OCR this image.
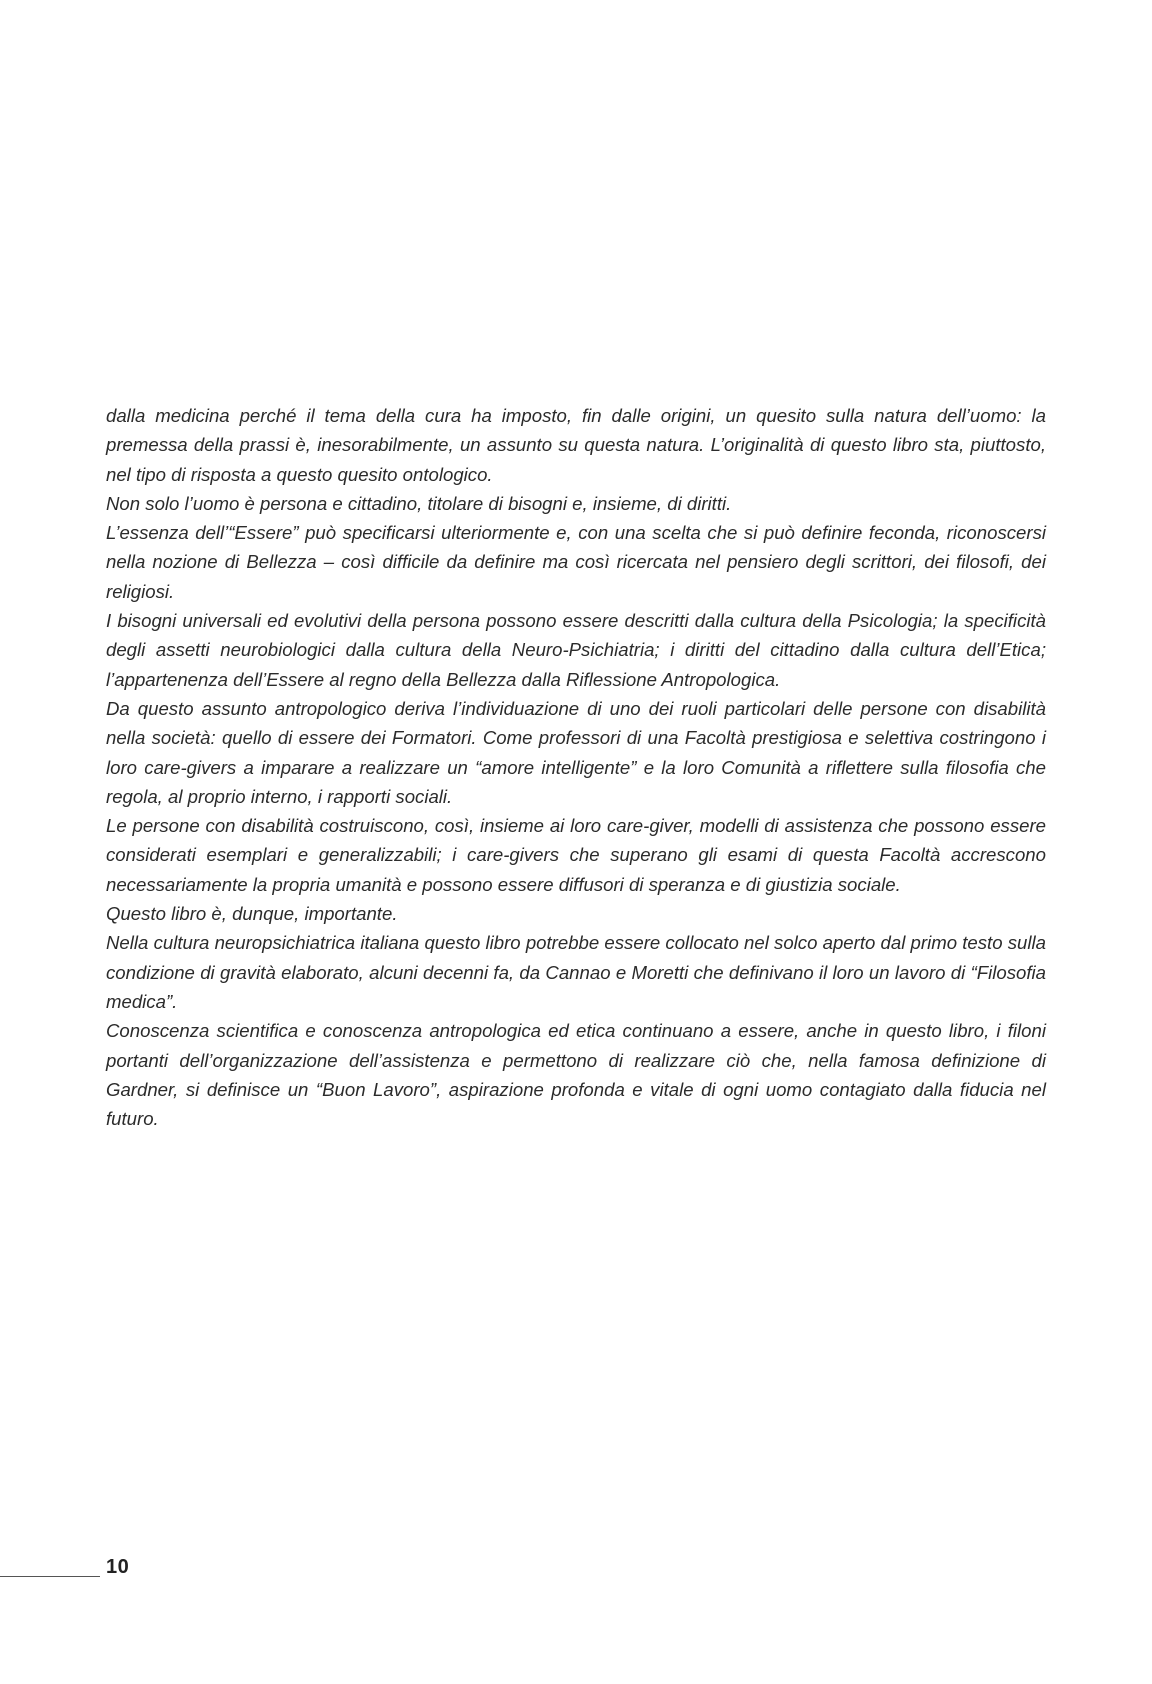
dalla medicina perché il tema della cura ha imposto, fin dalle origini, un quesito sulla natura dell’uomo: la premessa della prassi è, inesorabilmente, un assunto su questa natura. L’originalità di questo libro sta, piuttosto, nel tipo di risposta a questo quesito ontologico.

Non solo l’uomo è persona e cittadino, titolare di bisogni e, insieme, di diritti.

L’essenza dell’“Essere” può specificarsi ulteriormente e, con una scelta che si può definire feconda, riconoscersi nella nozione di Bellezza – così difficile da definire ma così ricercata nel pensiero degli scrittori, dei filosofi, dei religiosi.

I bisogni universali ed evolutivi della persona possono essere descritti dalla cultura della Psicologia; la specificità degli assetti neurobiologici dalla cultura della Neuro-Psichiatria; i diritti del cittadino dalla cultura dell’Etica; l’appartenenza dell’Essere al regno della Bellezza dalla Riflessione Antropologica.

Da questo assunto antropologico deriva l’individuazione di uno dei ruoli particolari delle persone con disabilità nella società: quello di essere dei Formatori. Come professori di una Facoltà prestigiosa e selettiva costringono i loro care-givers a imparare a realizzare un “amore intelligente” e la loro Comunità a riflettere sulla filosofia che regola, al proprio interno, i rapporti sociali.

Le persone con disabilità costruiscono, così, insieme ai loro care-giver, modelli di assistenza che possono essere considerati esemplari e generalizzabili; i care-givers che superano gli esami di questa Facoltà accrescono necessariamente la propria umanità e possono essere diffusori di speranza e di giustizia sociale.

Questo libro è, dunque, importante.

Nella cultura neuropsichiatrica italiana questo libro potrebbe essere collocato nel solco aperto dal primo testo sulla condizione di gravità elaborato, alcuni decenni fa, da Cannao e Moretti che definivano il loro un lavoro di “Filosofia medica”.

Conoscenza scientifica e conoscenza antropologica ed etica continuano a essere, anche in questo libro, i filoni portanti dell’organizzazione dell’assistenza e permettono di realizzare ciò che, nella famosa definizione di Gardner, si definisce un “Buon Lavoro”, aspirazione profonda e vitale di ogni uomo contagiato dalla fiducia nel futuro.

10
